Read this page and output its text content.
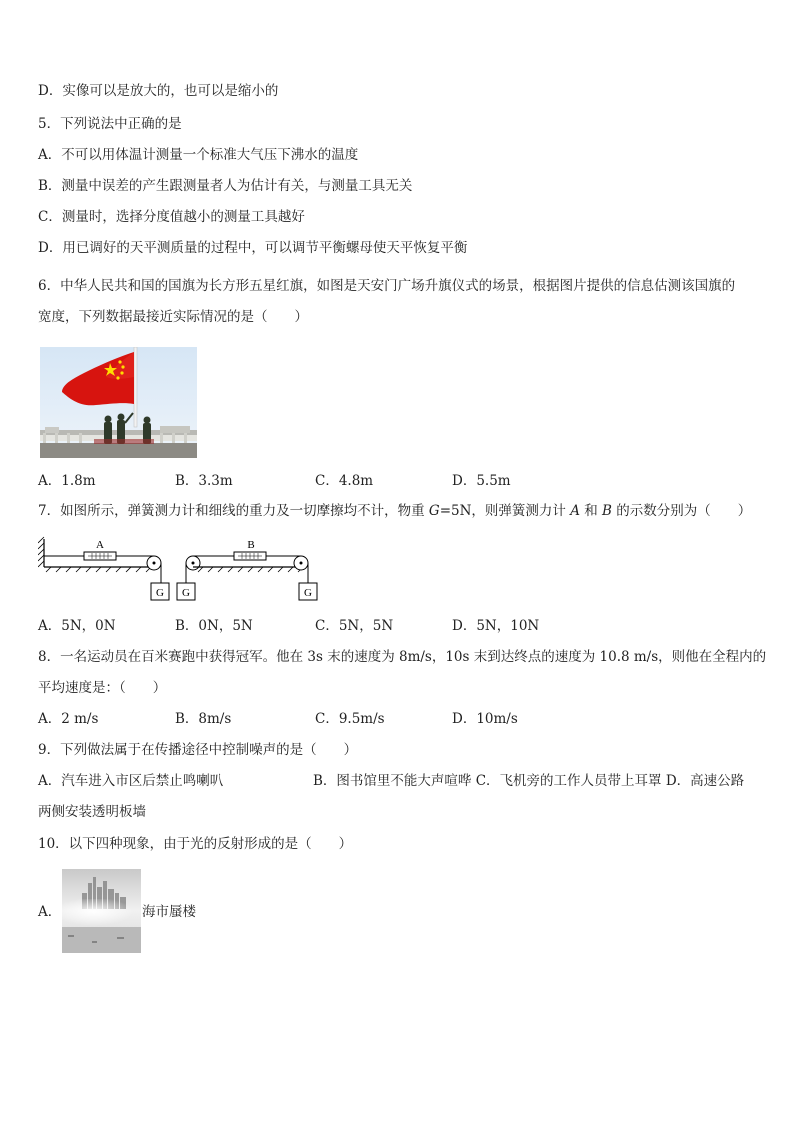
D．实像可以是放大的，也可以是缩小的
5．下列说法中正确的是
A．不可以用体温计测量一个标准大气压下沸水的温度
B．测量中误差的产生跟测量者人为估计有关，与测量工具无关
C．测量时，选择分度值越小的测量工具越好
D．用已调好的天平测质量的过程中，可以调节平衡螺母使天平恢复平衡
6．中华人民共和国的国旗为长方形五星红旗，如图是天安门广场升旗仪式的场景，根据图片提供的信息估测该国旗的
宽度，下列数据最接近实际情况的是（　　）
A．1.8m	B．3.3m	C．4.8m	D．5.5m
7．如图所示，弹簧测力计和细线的重力及一切摩擦均不计，物重 G=5N，则弹簧测力计 A 和 B 的示数分别为（　　）
A
G G
B
G
A．5N，0N	B．0N，5N	C．5N，5N	D．5N，10N
8．一名运动员在百米赛跑中获得冠军。他在 3s 末的速度为 8m/s，10s 末到达终点的速度为 10.8 m/s，则他在全程内的
平均速度是：（　　）
A．2 m/s	B．8m/s	C．9.5m/s	D．10m/s
9．下列做法属于在传播途径中控制噪声的是（　　）
A．汽车进入市区后禁止鸣喇叭	B．图书馆里不能大声喧哗 C．飞机旁的工作人员带上耳罩 D．高速公路
两侧安装透明板墙
10．以下四种现象，由于光的反射形成的是（　　）
A．	海市蜃楼
